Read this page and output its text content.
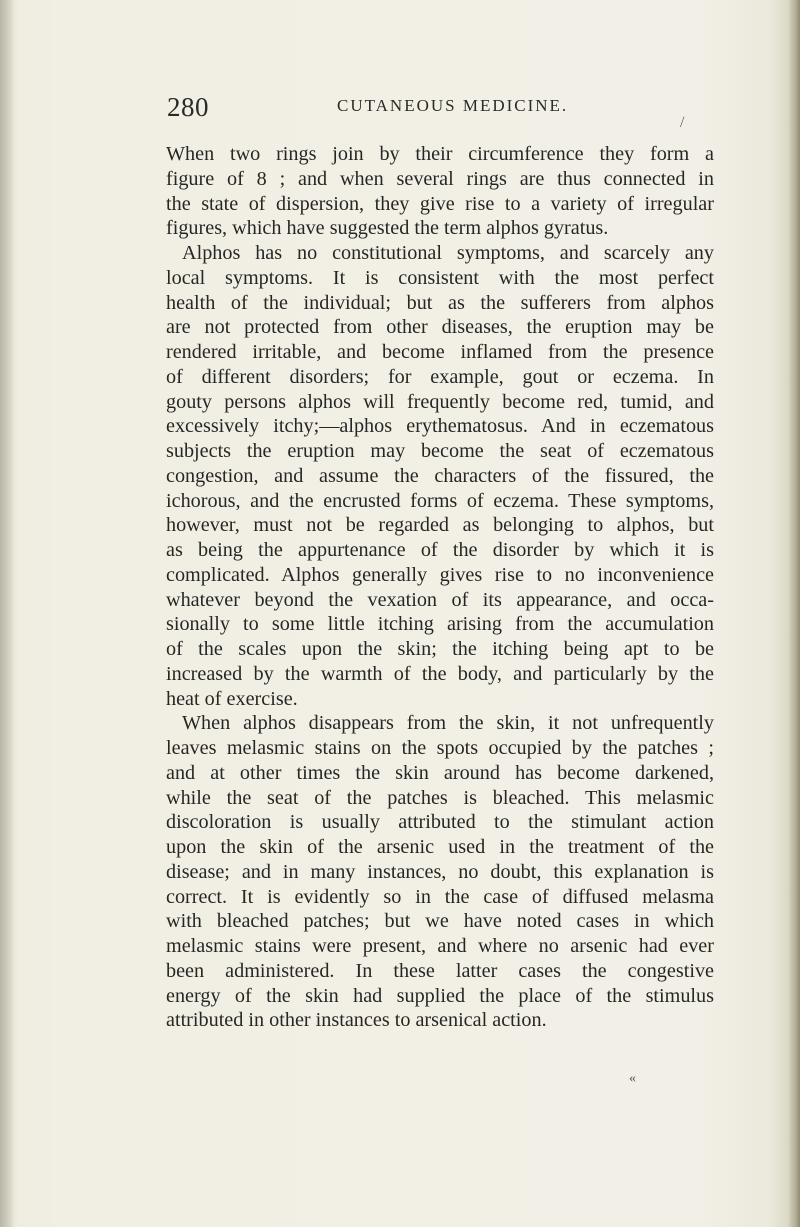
280	CUTANEOUS MEDICINE.
/
When two rings join by their circumference they form a
figure of 8 ; and when several rings are thus connected in
the state of dispersion, they give rise to a variety of irregular
figures, which have suggested the term alphos gyratus.
Alphos has no constitutional symptoms, and scarcely any
local symptoms. It is consistent with the most perfect
health of the individual; but as the sufferers from alphos
are not protected from other diseases, the eruption may be
rendered irritable, and become inflamed from the presence
of different disorders; for example, gout or eczema. In
gouty persons alphos will frequently become red, tumid, and
excessively itchy;—alphos erythematosus. And in eczematous
subjects the eruption may become the seat of eczematous
congestion, and assume the characters of the fissured, the
ichorous, and the encrusted forms of eczema. These symptoms,
however, must not be regarded as belonging to alphos, but
as being the appurtenance of the disorder by which it is
complicated. Alphos generally gives rise to no inconvenience
whatever beyond the vexation of its appearance, and occa-
sionally to some little itching arising from the accumulation
of the scales upon the skin; the itching being apt to be
increased by the warmth of the body, and particularly by the
heat of exercise.
When alphos disappears from the skin, it not unfrequently
leaves melasmic stains on the spots occupied by the patches ;
and at other times the skin around has become darkened,
while the seat of the patches is bleached. This melasmic
discoloration is usually attributed to the stimulant action
upon the skin of the arsenic used in the treatment of the
disease; and in many instances, no doubt, this explanation is
correct. It is evidently so in the case of diffused melasma
with bleached patches; but we have noted cases in which
melasmic stains were present, and where no arsenic had ever
been administered. In these latter cases the congestive
energy of the skin had supplied the place of the stimulus
attributed in other instances to arsenical action.
«
